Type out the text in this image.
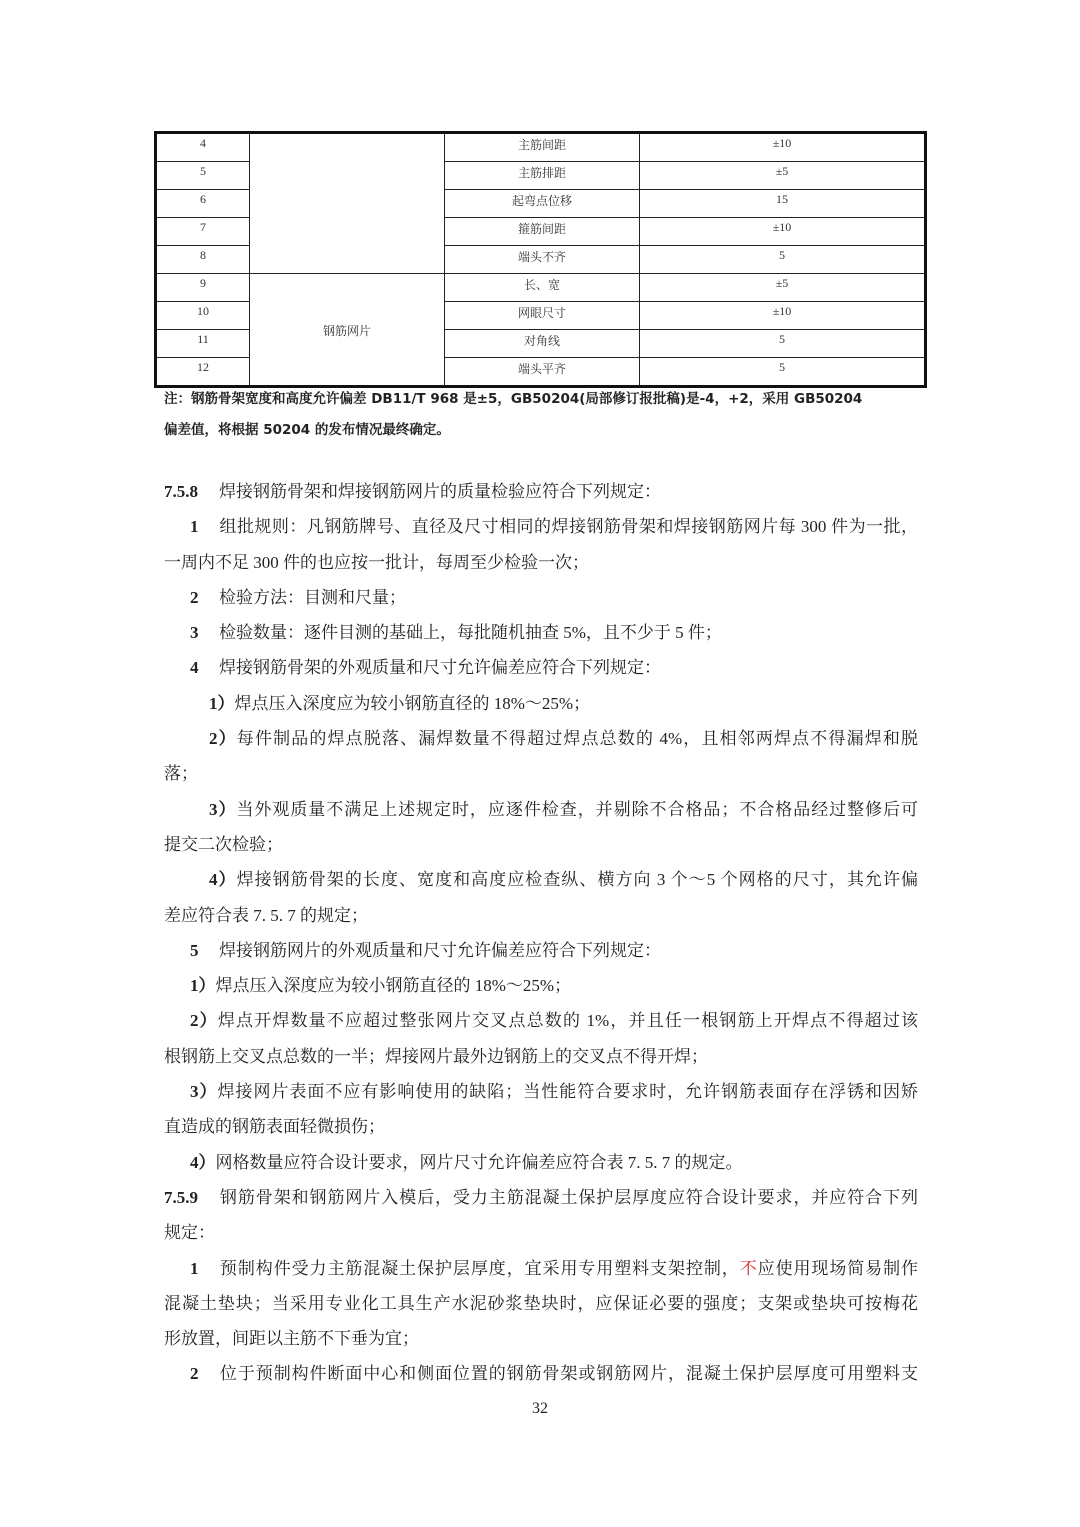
4		主筋间距	±10
5		主筋排距	±5
6		起弯点位移	15
7		箍筋间距	±10
8		端头不齐	5
9	钢筋网片	长、宽	±5
10		网眼尺寸	±10
11		对角线	5
12		端头平齐	5
注：钢筋骨架宽度和高度允许偏差 DB11/T 968 是±5，GB50204(局部修订报批稿)是-4，+2，采用 GB50204
偏差值，将根据 50204 的发布情况最终确定。
7.5.8 焊接钢筋骨架和焊接钢筋网片的质量检验应符合下列规定：
1 组批规则：凡钢筋牌号、直径及尺寸相同的焊接钢筋骨架和焊接钢筋网片每 300 件为一批，
一周内不足 300 件的也应按一批计，每周至少检验一次；
2 检验方法：目测和尺量；
3 检验数量：逐件目测的基础上，每批随机抽查 5%，且不少于 5 件；
4 焊接钢筋骨架的外观质量和尺寸允许偏差应符合下列规定：
1）焊点压入深度应为较小钢筋直径的 18%～25%；
2）每件制品的焊点脱落、漏焊数量不得超过焊点总数的 4%，且相邻两焊点不得漏焊和脱
落；
3）当外观质量不满足上述规定时，应逐件检查，并剔除不合格品；不合格品经过整修后可
提交二次检验；
4）焊接钢筋骨架的长度、宽度和高度应检查纵、横方向 3 个～5 个网格的尺寸，其允许偏
差应符合表 7. 5. 7 的规定；
5 焊接钢筋网片的外观质量和尺寸允许偏差应符合下列规定：
1）焊点压入深度应为较小钢筋直径的 18%～25%；
2）焊点开焊数量不应超过整张网片交叉点总数的 1%，并且任一根钢筋上开焊点不得超过该
根钢筋上交叉点总数的一半；焊接网片最外边钢筋上的交叉点不得开焊；
3）焊接网片表面不应有影响使用的缺陷；当性能符合要求时，允许钢筋表面存在浮锈和因矫
直造成的钢筋表面轻微损伤；
4）网格数量应符合设计要求，网片尺寸允许偏差应符合表 7. 5. 7 的规定。
7.5.9 钢筋骨架和钢筋网片入模后，受力主筋混凝土保护层厚度应符合设计要求，并应符合下列
规定：
1 预制构件受力主筋混凝土保护层厚度，宜采用专用塑料支架控制，不应使用现场简易制作
混凝土垫块；当采用专业化工具生产水泥砂浆垫块时，应保证必要的强度；支架或垫块可按梅花
形放置，间距以主筋不下垂为宜；
2 位于预制构件断面中心和侧面位置的钢筋骨架或钢筋网片，混凝土保护层厚度可用塑料支
32
